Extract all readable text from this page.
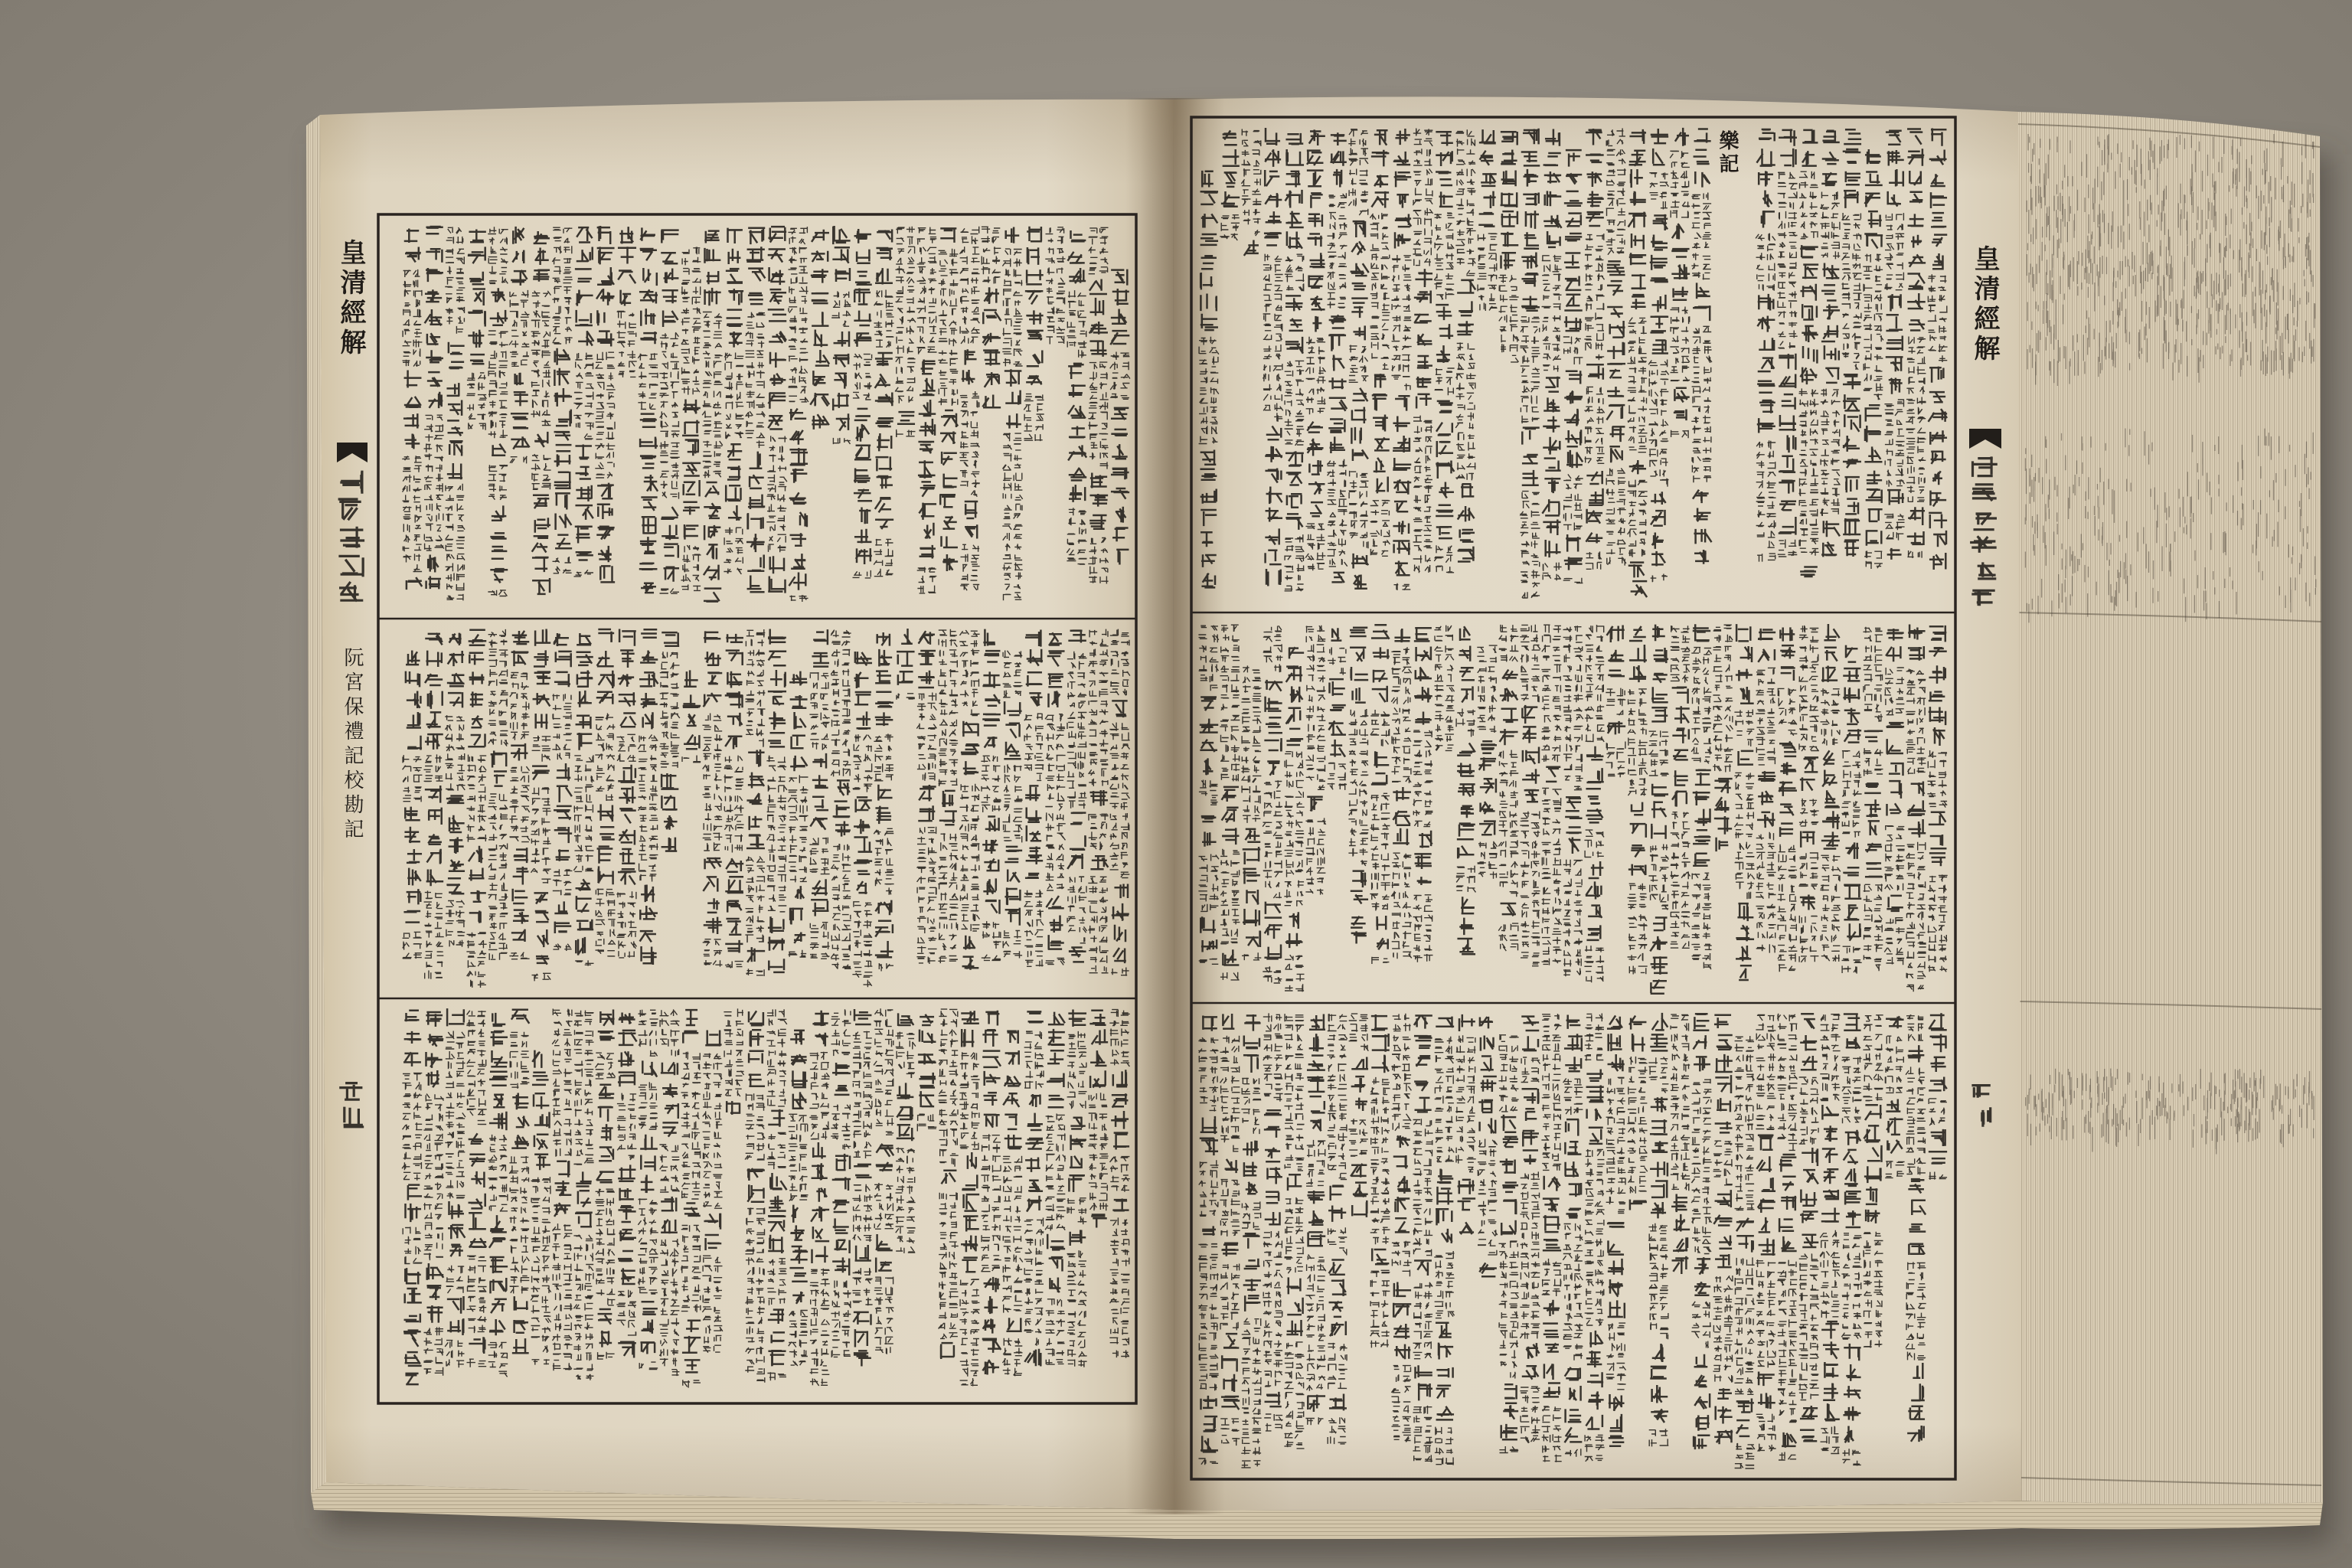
皇清經解
阮宮保禮記校勘記
皇清經解
樂記
